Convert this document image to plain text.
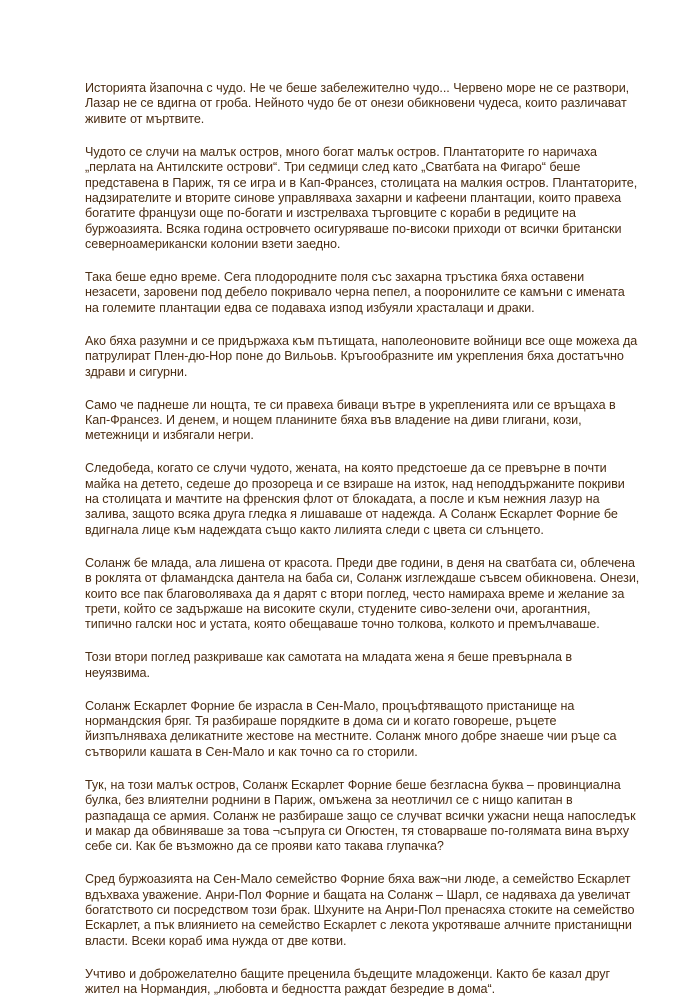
Историята йзапочна с чудо. Не че беше забележително чудо... Червено море не се разтвори, Лазар не се вдигна от гроба. Нейното чудо бе от онези обикновени чудеса, които различават живите от мъртвите.

Чудото се случи на малък остров, много богат малък остров. Плантаторите го наричаха „перлата на Антилските острови“. Три седмици след като „Сватбата на Фигаро“ беше представена в Париж, тя се игра и в Кап-Франсез, столицата на малкия остров. Плантаторите, надзирателите и вторите синове управляваха захарни и кафеени плантации, които правеха богатите французи още по-богати и изстрелваха търговците с кораби в редиците на буржоазията. Всяка година островчето осигуряваше по-високи приходи от всички британски северноамерикански колонии взети заедно.

Така беше едно време. Сега плодородните поля със захарна тръстика бяха оставени незасети, заровени под дебело покривало черна пепел, а пооронилите се камъни с имената на големите плантации едва се подаваха изпод избуяли храсталаци и драки.

Ако бяха разумни и се придържаха към пътищата, наполеоновите войници все още можеха да патрулират Плен-дю-Нор поне до Вильоьв. Кръгообразните им укрепления бяха достатъчно здрави и сигурни.

Само че паднеше ли нощта, те си правеха биваци вътре в укрепленията или се връщаха в Кап-Франсез. И денем, и нощем планините бяха във владение на диви глигани, кози, метежници и избягали негри.

Следобеда, когато се случи чудото, жената, на която предстоеше да се превърне в почти майка на детето, седеше до прозореца и се взираше на изток, над неподдържаните покриви на столицата и мачтите на френския флот от блокадата, а после и към нежния лазур на залива, защото всяка друга гледка я лишаваше от надежда. А Соланж Ескарлет Форние бе вдигнала лице към надеждата също както лилията следи с цвета си слънцето.

Соланж бе млада, ала лишена от красота. Преди две години, в деня на сватбата си, облечена в роклята от фламандска дантела на баба си, Соланж изглеждаше съвсем обикновена. Онези, които все пак благоволяваха да я дарят с втори поглед, често намираха време и желание за трети, който се задържаше на високите скули, студените сиво-зелени очи, арогантния, типично галски нос и устата, която обещаваше точно толкова, колкото и премълчаваше.

Този втори поглед разкриваше как самотата на младата жена я беше превърнала в неуязвима.

Соланж Ескарлет Форние бе израсла в Сен-Мало, процъфтяващото пристанище на нормандския бряг. Тя разбираше порядките в дома си и когато говореше, ръцете йизпълняваха деликатните жестове на местните. Соланж много добре знаеше чии ръце са сътворили кашата в Сен-Мало и как точно са го сторили.

Тук, на този малък остров, Соланж Ескарлет Форние беше безгласна буква – провинциална булка, без влиятелни роднини в Париж, омъжена за неотличил се с нищо капитан в разпадаща се армия. Соланж не разбираше защо се случват всички ужасни неща напоследък и макар да обвиняваше за това ¬съпруга си Огюстен, тя стоварваше по-голямата вина върху себе си. Как бе възможно да се прояви като такава глупачка?

Сред буржоазията на Сен-Мало семейство Форние бяха важ¬ни люде, а семейство Ескарлет вдъхваха уважение. Анри-Пол Форние и бащата на Соланж – Шарл, се надяваха да увеличат богатството си посредством този брак. Шхуните на Анри-Пол пренасяха стоките на семейство Ескарлет, а пък влиянието на семейство Ескарлет с лекота укротяваше алчните пристанищни власти. Всеки кораб има нужда от две котви.

Учтиво и доброжелателно бащите преценила бъдещите младоженци. Както бе казал друг жител на Нормандия, „любовта и бедността раждат безредие в дома“.
